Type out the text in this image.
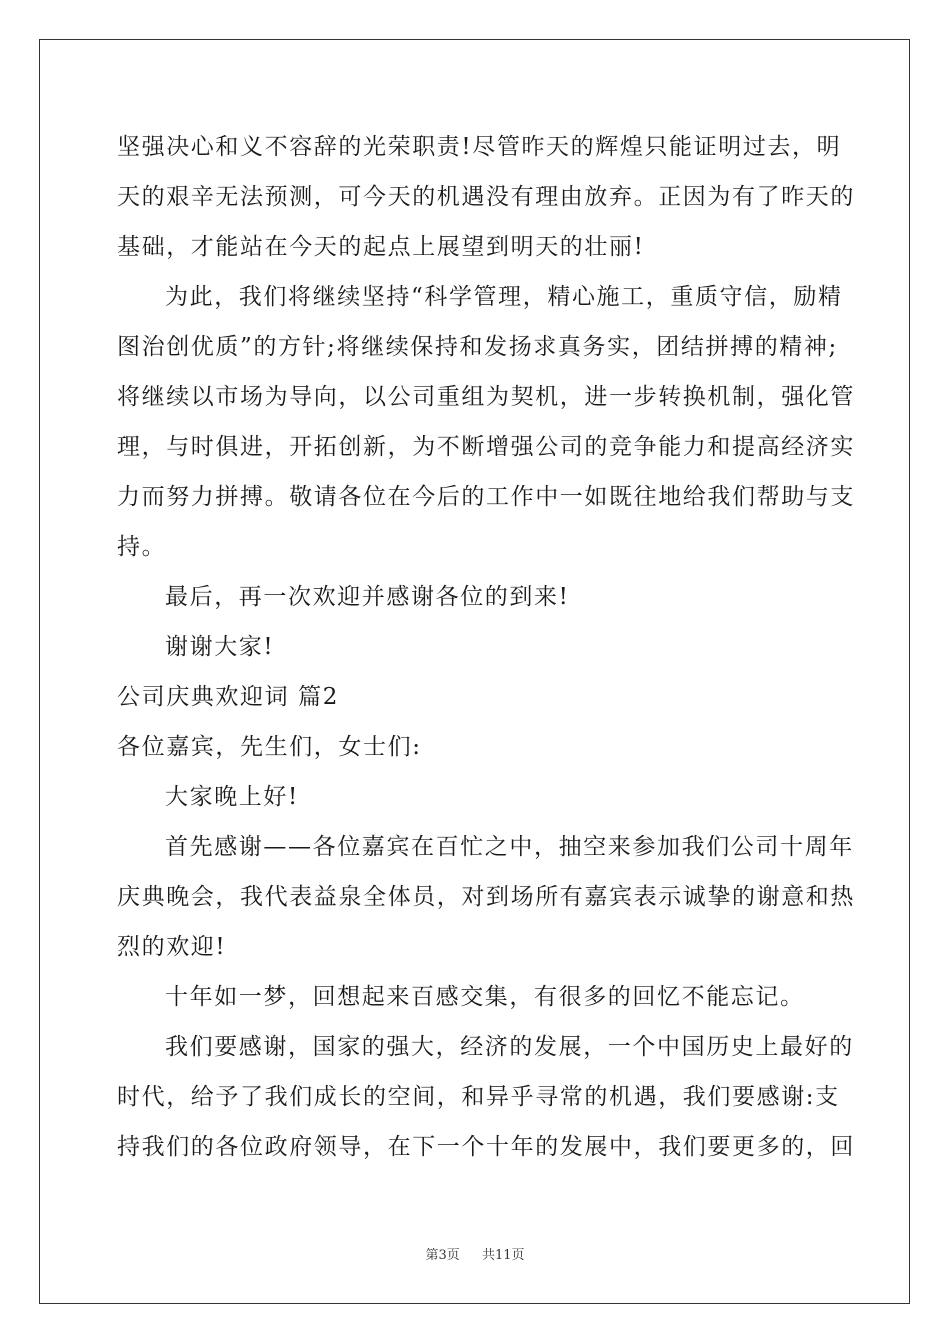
坚强决心和义不容辞的光荣职责!尽管昨天的辉煌只能证明过去，明
天的艰辛无法预测，可今天的机遇没有理由放弃。正因为有了昨天的
基础，才能站在今天的起点上展望到明天的壮丽!
为此，我们将继续坚持“科学管理，精心施工，重质守信，励精
图治创优质”的方针;将继续保持和发扬求真务实，团结拼搏的精神;
将继续以市场为导向，以公司重组为契机，进一步转换机制，强化管
理，与时俱进，开拓创新，为不断增强公司的竞争能力和提高经济实
力而努力拼搏。敬请各位在今后的工作中一如既往地给我们帮助与支
持。
最后，再一次欢迎并感谢各位的到来!
谢谢大家!
公司庆典欢迎词 篇2
各位嘉宾，先生们，女士们:
大家晚上好!
首先感谢——各位嘉宾在百忙之中，抽空来参加我们公司十周年
庆典晚会，我代表益泉全体员，对到场所有嘉宾表示诚挚的谢意和热
烈的欢迎!
十年如一梦，回想起来百感交集，有很多的回忆不能忘记。
我们要感谢，国家的强大，经济的发展，一个中国历史上最好的
时代，给予了我们成长的空间，和异乎寻常的机遇，我们要感谢:支
持我们的各位政府领导，在下一个十年的发展中，我们要更多的，回
第3页 共11页
